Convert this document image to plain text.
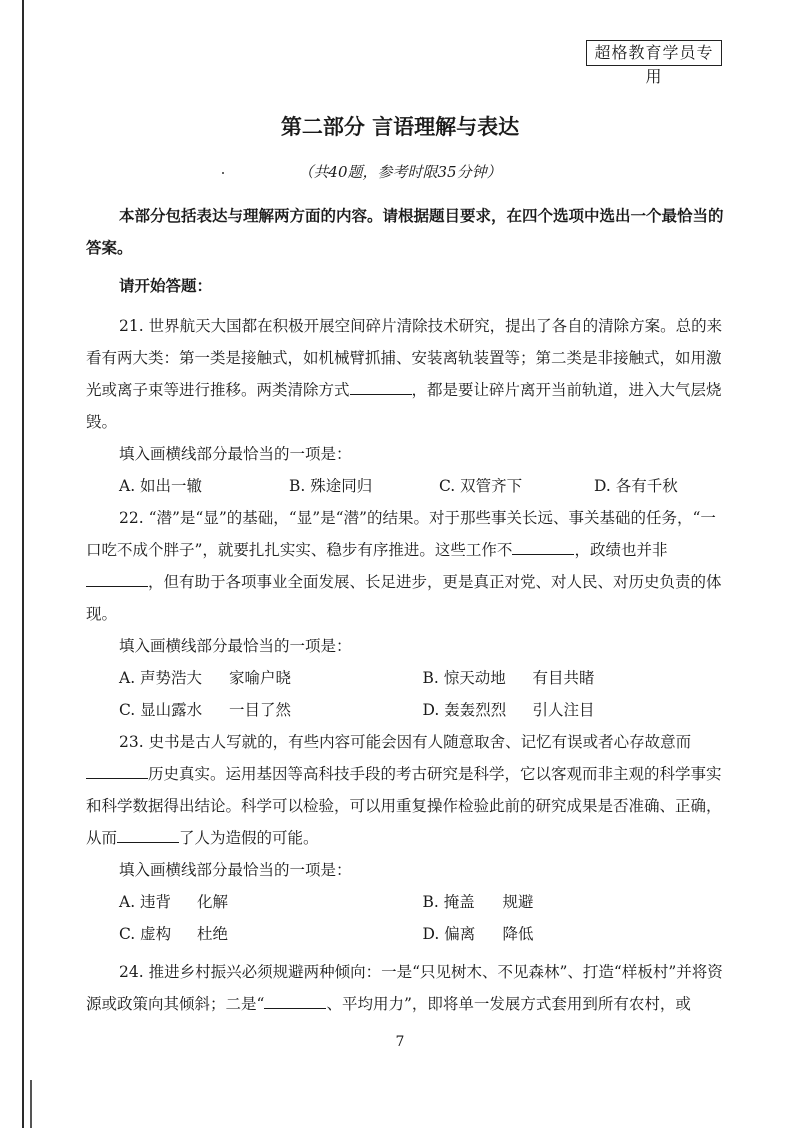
超格教育学员专用
第二部分 言语理解与表达
（共40题，参考时限35分钟）

本部分包括表达与理解两方面的内容。请根据题目要求，在四个选项中选出一个最恰当的答案。

请开始答题：

21. 世界航天大国都在积极开展空间碎片清除技术研究，提出了各自的清除方案。总的来看有两大类：第一类是接触式，如机械臂抓捕、安装离轨装置等；第二类是非接触式，如用激光或离子束等进行推移。两类清除方式	，都是要让碎片离开当前轨道，进入大气层烧毁。

填入画横线部分最恰当的一项是：

A. 如出一辙	B. 殊途同归	C. 双管齐下	D. 各有千秋

22. “潜”是“显”的基础，“显”是“潜”的结果。对于那些事关长远、事关基础的任务，“一口吃不成个胖子”，就要扎扎实实、稳步有序推进。这些工作不	，政绩也并非，但有助于各项事业全面发展、长足进步，更是真正对党、对人民、对历史负责的体现。

填入画横线部分最恰当的一项是：

A. 声势浩大	家喻户晓	B. 惊天动地	有目共睹
C. 显山露水	一目了然	D. 轰轰烈烈	引人注目

23. 史书是古人写就的，有些内容可能会因有人随意取舍、记忆有误或者心存故意而历史真实。运用基因等高科技手段的考古研究是科学，它以客观而非主观的科学事实和科学数据得出结论。科学可以检验，可以用重复操作检验此前的研究成果是否准确、正确，从而	了人为造假的可能。

填入画横线部分最恰当的一项是：

A. 违背	化解	B. 掩盖	规避
C. 虚构	杜绝	D. 偏离	降低

24. 推进乡村振兴必须规避两种倾向：一是“只见树木、不见森林”、打造“样板村”并将资源或政策向其倾斜；二是“	、平均用力”，即将单一发展方式套用到所有农村，或

7
